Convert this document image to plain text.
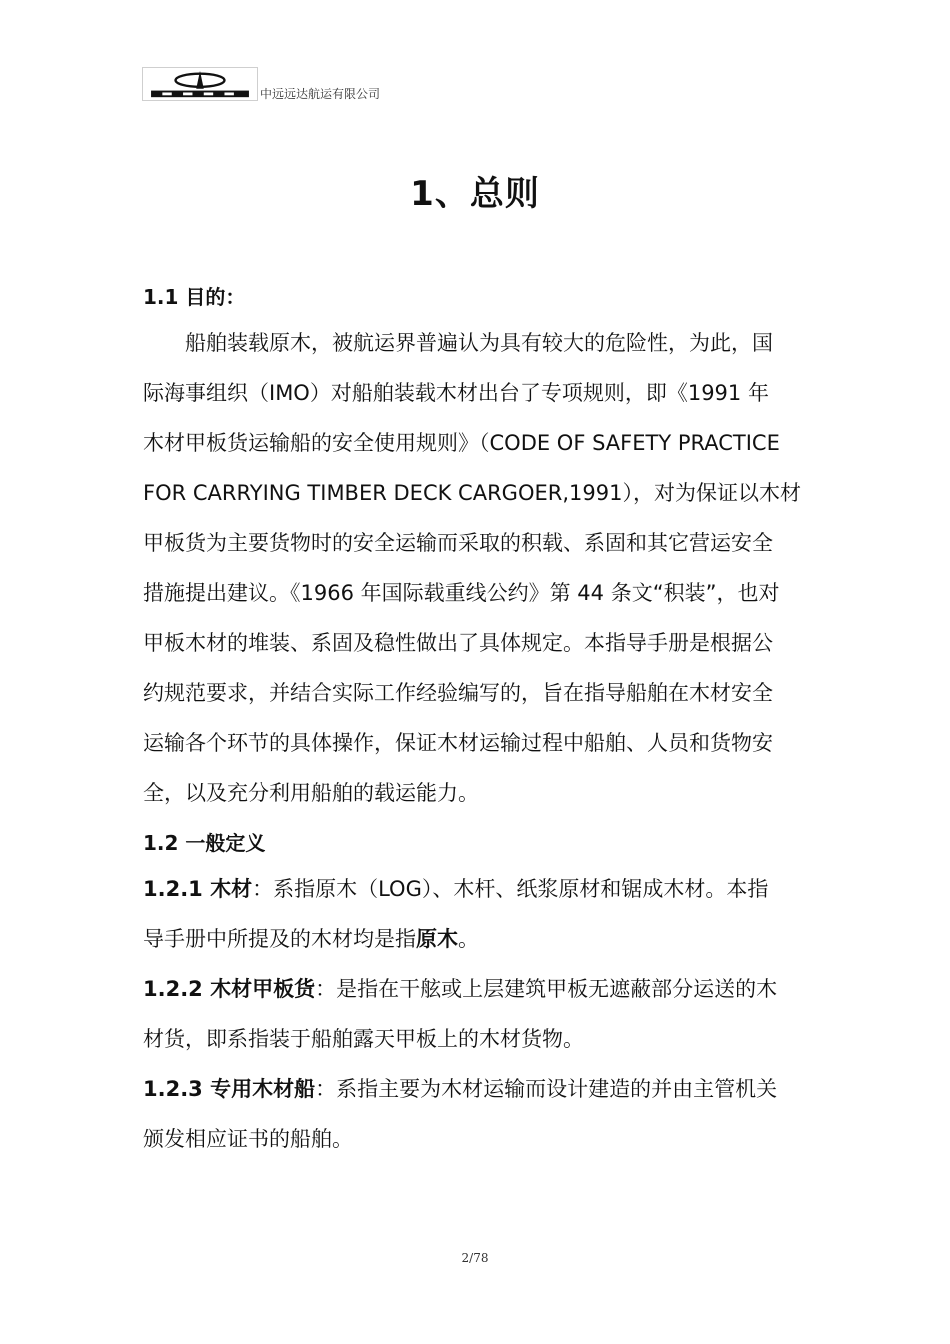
中远远达航运有限公司
1、总则
1.1 目的：
船舶装载原木，被航运界普遍认为具有较大的危险性，为此，国
际海事组织（IMO）对船舶装载木材出台了专项规则，即《1991 年
木材甲板货运输船的安全使用规则》（CODE OF SAFETY PRACTICE
FOR CARRYING TIMBER DECK CARGOER,1991），对为保证以木材
甲板货为主要货物时的安全运输而采取的积载、系固和其它营运安全
措施提出建议。《1966 年国际载重线公约》第 44 条文“积装”，也对
甲板木材的堆装、系固及稳性做出了具体规定。本指导手册是根据公
约规范要求，并结合实际工作经验编写的，旨在指导船舶在木材安全
运输各个环节的具体操作，保证木材运输过程中船舶、人员和货物安
全，以及充分利用船舶的载运能力。
1.2 一般定义
1.2.1 木材：系指原木（LOG）、木杆、纸浆原材和锯成木材。本指
导手册中所提及的木材均是指原木。
1.2.2 木材甲板货：是指在干舷或上层建筑甲板无遮蔽部分运送的木
材货，即系指装于船舶露天甲板上的木材货物。
1.2.3 专用木材船：系指主要为木材运输而设计建造的并由主管机关
颁发相应证书的船舶。
2/78
